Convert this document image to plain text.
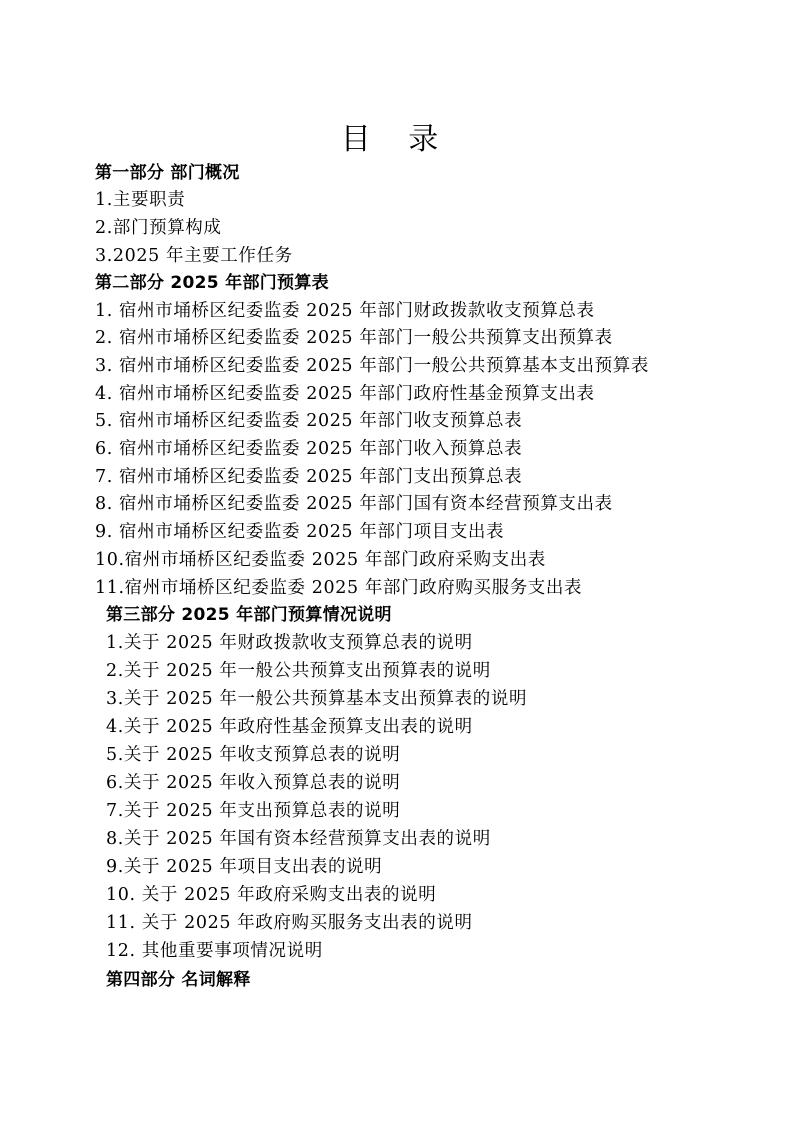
目 录
第一部分 部门概况
1.主要职责
2.部门预算构成
3.2025 年主要工作任务
第二部分 2025 年部门预算表
1. 宿州市埇桥区纪委监委 2025 年部门财政拨款收支预算总表
2. 宿州市埇桥区纪委监委 2025 年部门一般公共预算支出预算表
3. 宿州市埇桥区纪委监委 2025 年部门一般公共预算基本支出预算表
4. 宿州市埇桥区纪委监委 2025 年部门政府性基金预算支出表
5. 宿州市埇桥区纪委监委 2025 年部门收支预算总表
6. 宿州市埇桥区纪委监委 2025 年部门收入预算总表
7. 宿州市埇桥区纪委监委 2025 年部门支出预算总表
8. 宿州市埇桥区纪委监委 2025 年部门国有资本经营预算支出表
9. 宿州市埇桥区纪委监委 2025 年部门项目支出表
10.宿州市埇桥区纪委监委 2025 年部门政府采购支出表
11.宿州市埇桥区纪委监委 2025 年部门政府购买服务支出表
第三部分 2025 年部门预算情况说明
1.关于 2025 年财政拨款收支预算总表的说明
2.关于 2025 年一般公共预算支出预算表的说明
3.关于 2025 年一般公共预算基本支出预算表的说明
4.关于 2025 年政府性基金预算支出表的说明
5.关于 2025 年收支预算总表的说明
6.关于 2025 年收入预算总表的说明
7.关于 2025 年支出预算总表的说明
8.关于 2025 年国有资本经营预算支出表的说明
9.关于 2025 年项目支出表的说明
10. 关于 2025 年政府采购支出表的说明
11. 关于 2025 年政府购买服务支出表的说明
12. 其他重要事项情况说明
第四部分 名词解释
